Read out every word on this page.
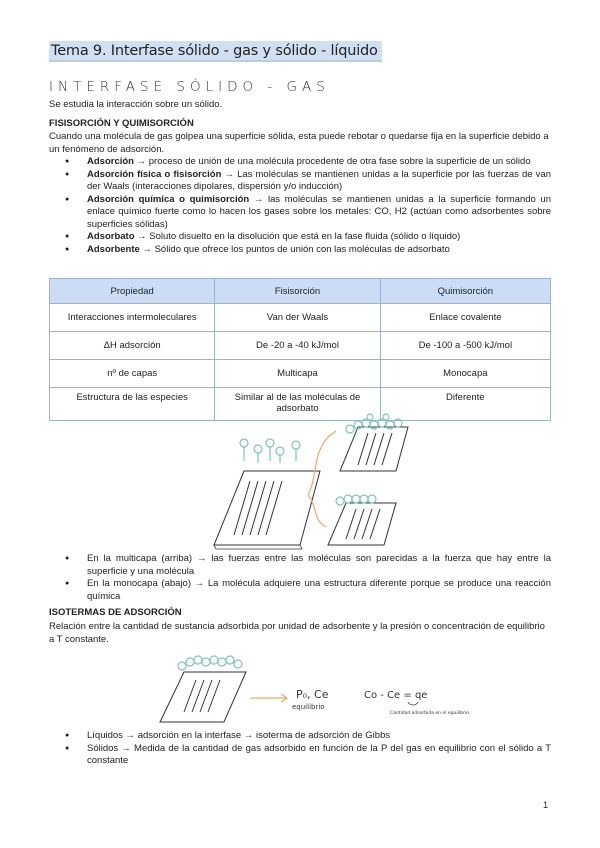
Tema 9. Interfase sólido - gas y sólido - líquido
INTERFASE SÓLIDO - GAS
Se estudia la interacción sobre un sólido.
FISISORCIÓN Y QUIMISORCIÓN
Cuando una molécula de gas golpea una superficie sólida, esta puede rebotar o quedarse fija en la superficie debido a un fenómeno de adsorción.
● Adsorción → proceso de unión de una molécula procedente de otra fase sobre la superficie de un sólido
● Adsorción física o fisisorción → Las moléculas se mantienen unidas a la superficie por las fuerzas de van der Waals (interacciones dipolares, dispersión y/o inducción)
● Adsorción química o quimisorción → las moléculas se mantienen unidas a la superficie formando un enlace químico fuerte como lo hacen los gases sobre los metales: CO, H2 (actúan como adsorbentes sobre superficies sólidas)
● Adsorbato → Soluto disuelto en la disolución que está en la fase fluida (sólido o líquido)
● Adsorbente → Sólido que ofrece los puntos de unión con las moléculas de adsorbato
Propiedad	Fisisorción	Quimisorción
Interacciones intermoleculares	Van der Waals	Enlace covalente
ΔH adsorción	De -20 a -40 kJ/mol	De -100 a -500 kJ/mol
nº de capas	Multicapa	Monocapa
Estructura de las especies	Similar al de las moléculas de adsorbato	Diferente
● En la multicapa (arriba) → las fuerzas entre las moléculas son parecidas a la fuerza que hay entre la superficie y una molécula
● En la monocapa (abajo) → La molécula adquiere una estructura diferente porque se produce una reacción química
ISOTERMAS DE ADSORCIÓN
Relación entre la cantidad de sustancia adsorbida por unidad de adsorbente y la presión o concentración de equilibrio a T constante.
P₀, Ce
equilibrio
Co - Ce = qe
Cantidad adsorbida en el equilibrio
● Líquidos → adsorción en la interfase → isoterma de adsorción de Gibbs
● Sólidos → Medida de la cantidad de gas adsorbido en función de la P del gas en equilibrio con el sólido a T constante
1
